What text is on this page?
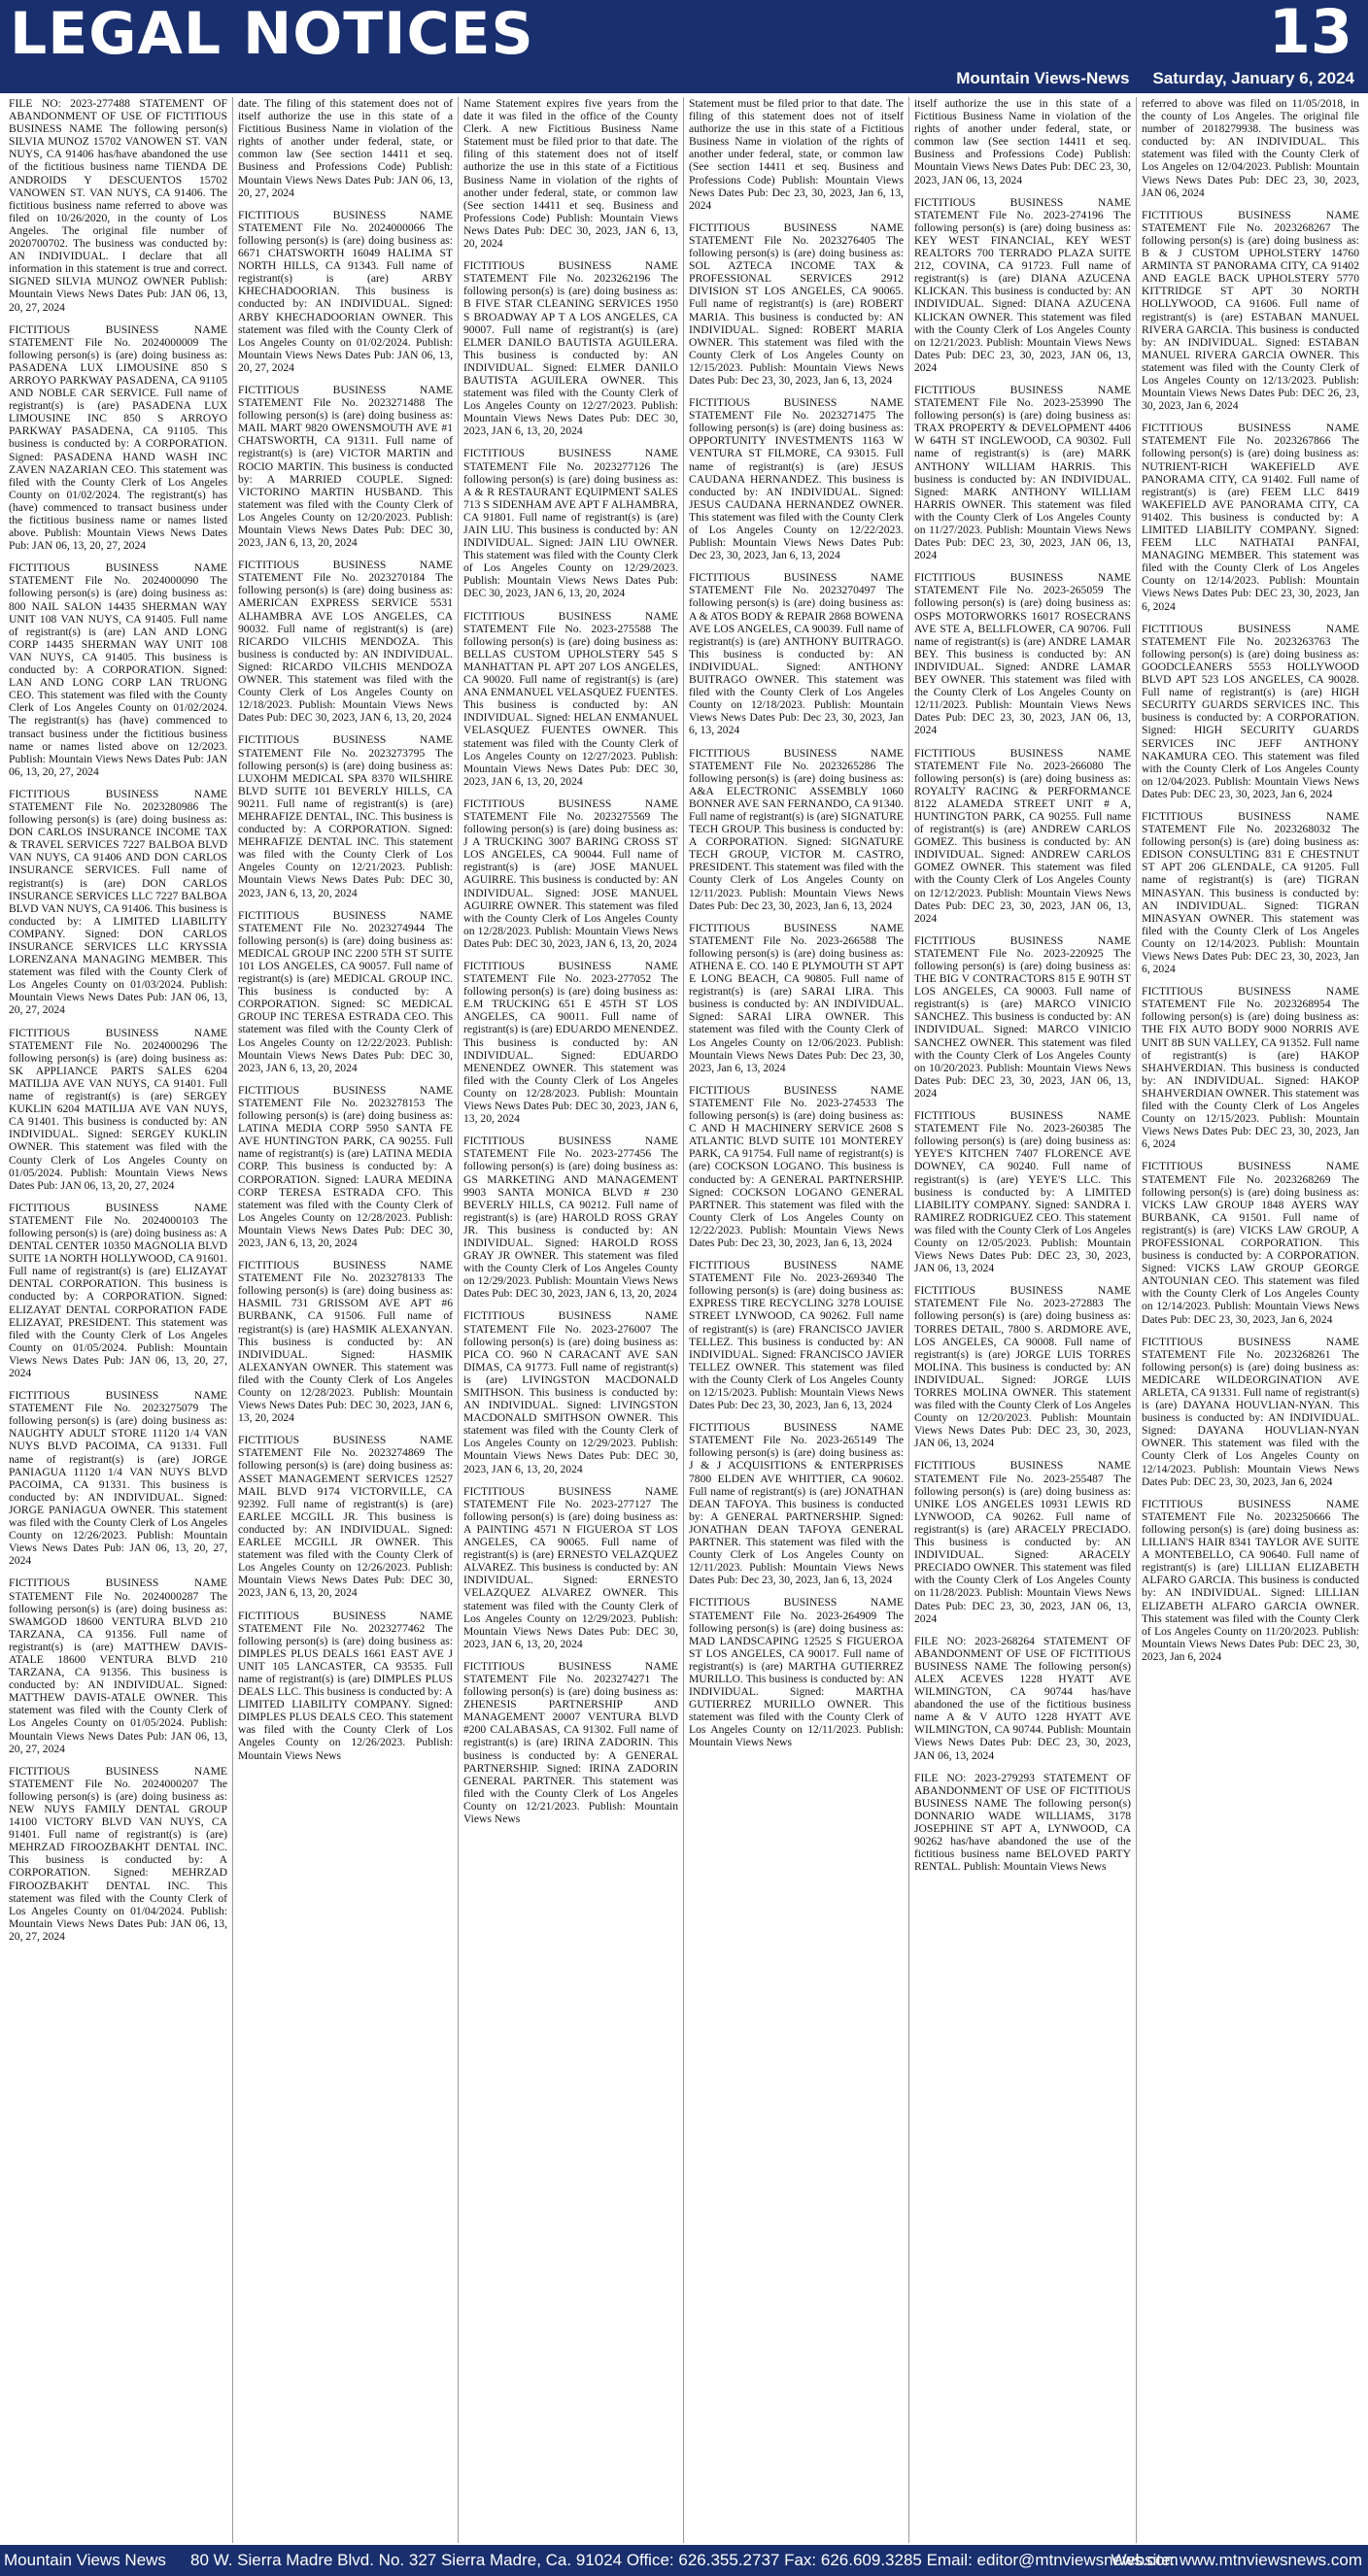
LEGAL NOTICES	13
Mountain Views-News Saturday, January 6, 2024

FILE NO: 2023-277488 STATEMENT OF ABANDONMENT OF USE OF FICTITIOUS BUSINESS NAME The following person(s) SILVIA MUNOZ 15702 VANOWEN ST. VAN NUYS, CA 91406 has/have abandoned the use of the fictitious business name TIENDA DE ANDROIDS Y DESCUENTOS 15702 VANOWEN ST. VAN NUYS, CA 91406. The fictitious business name referred to above was filed on 10/26/2020, in the county of Los Angeles. The original file number of 2020700702. The business was conducted by: AN INDIVIDUAL. I declare that all information in this statement is true and correct. SIGNED SILVIA MUNOZ OWNER Publish: Mountain Views News Dates Pub: JAN 06, 13, 20, 27, 2024

FICTITIOUS BUSINESS NAME STATEMENT File No. 2024000009 The following person(s) is (are) doing business as: PASADENA LUX LIMOUSINE 850 S ARROYO PARKWAY PASADENA, CA 91105 AND NOBLE CAR SERVICE. Full name of registrant(s) is (are) PASADENA LUX LIMOUSINE INC 850 S ARROYO PARKWAY PASADENA, CA 91105. This business is conducted by: A CORPORATION. Signed: PASADENA HAND WASH INC ZAVEN NAZARIAN CEO. This statement was filed with the County Clerk of Los Angeles County on 01/02/2024. The registrant(s) has (have) commenced to transact business under the fictitious business name or names listed above. Publish: Mountain Views News Dates Pub: JAN 06, 13, 20, 27, 2024

FICTITIOUS BUSINESS NAME STATEMENT File No. 2024000090 The following person(s) is (are) doing business as: 800 NAIL SALON 14435 SHERMAN WAY UNIT 108 VAN NUYS, CA 91405. Full name of registrant(s) is (are) LAN AND LONG CORP 14435 SHERMAN WAY UNIT 108 VAN NUYS, CA 91405. This business is conducted by: A CORPORATION. Signed: LAN AND LONG CORP LAN TRUONG CEO. This statement was filed with the County Clerk of Los Angeles County on 01/02/2024. The registrant(s) has (have) commenced to transact business under the fictitious business name or names listed above on 12/2023. Publish: Mountain Views News Dates Pub: JAN 06, 13, 20, 27, 2024

FICTITIOUS BUSINESS NAME STATEMENT File No. 2023280986 The following person(s) is (are) doing business as: DON CARLOS INSURANCE INCOME TAX & TRAVEL SERVICES 7227 BALBOA BLVD VAN NUYS, CA 91406 AND DON CARLOS INSURANCE SERVICES. Full name of registrant(s) is (are) DON CARLOS INSURANCE SERVICES LLC 7227 BALBOA BLVD VAN NUYS, CA 91406. This business is conducted by: A LIMITED LIABILITY COMPANY. Signed: DON CARLOS INSURANCE SERVICES LLC KRYSSIA LORENZANA MANAGING MEMBER. This statement was filed with the County Clerk of Los Angeles County on 01/03/2024. Publish: Mountain Views News Dates Pub: JAN 06, 13, 20, 27, 2024

FICTITIOUS BUSINESS NAME STATEMENT File No. 2024000296 The following person(s) is (are) doing business as: SK APPLIANCE PARTS SALES 6204 MATILIJA AVE VAN NUYS, CA 91401. Full name of registrant(s) is (are) SERGEY KUKLIN 6204 MATILIJA AVE VAN NUYS, CA 91401. This business is conducted by: AN INDIVIDUAL. Signed: SERGEY KUKLIN OWNER. This statement was filed with the County Clerk of Los Angeles County on 01/05/2024. Publish: Mountain Views News Dates Pub: JAN 06, 13, 20, 27, 2024

FICTITIOUS BUSINESS NAME STATEMENT File No. 2024000103 The following person(s) is (are) doing business as: A DENTAL CENTER 10350 MAGNOLIA BLVD SUITE 1A NORTH HOLLYWOOD, CA 91601. Full name of registrant(s) is (are) ELIZAYAT DENTAL CORPORATION. This business is conducted by: A CORPORATION. Signed: ELIZAYAT DENTAL CORPORATION FADE ELIZAYAT, PRESIDENT. This statement was filed with the County Clerk of Los Angeles County on 01/05/2024. Publish: Mountain Views News Dates Pub: JAN 06, 13, 20, 27, 2024

FICTITIOUS BUSINESS NAME STATEMENT File No. 2023275079 The following person(s) is (are) doing business as: NAUGHTY ADULT STORE 11120 1/4 VAN NUYS BLVD PACOIMA, CA 91331. Full name of registrant(s) is (are) JORGE PANIAGUA 11120 1/4 VAN NUYS BLVD PACOIMA, CA 91331. This business is conducted by: AN INDIVIDUAL. Signed: JORGE PANIAGUA OWNER. This statement was filed with the County Clerk of Los Angeles County on 12/26/2023. Publish: Mountain Views News Dates Pub: JAN 06, 13, 20, 27, 2024

FICTITIOUS BUSINESS NAME STATEMENT File No. 2024000287 The following person(s) is (are) doing business as: SWAMGOD 18600 VENTURA BLVD 210 TARZANA, CA 91356. Full name of registrant(s) is (are) MATTHEW DAVIS-ATALE 18600 VENTURA BLVD 210 TARZANA, CA 91356. This business is conducted by: AN INDIVIDUAL. Signed: MATTHEW DAVIS-ATALE OWNER. This statement was filed with the County Clerk of Los Angeles County on 01/05/2024. Publish: Mountain Views News Dates Pub: JAN 06, 13, 20, 27, 2024

FICTITIOUS BUSINESS NAME STATEMENT File No. 2024000207 The following person(s) is (are) doing business as: NEW NUYS FAMILY DENTAL GROUP 14100 VICTORY BLVD VAN NUYS, CA 91401. Full name of registrant(s) is (are) MEHRZAD FIROOZBAKHT DENTAL INC. This business is conducted by: A CORPORATION. Signed: MEHRZAD FIROOZBAKHT DENTAL INC. This statement was filed with the County Clerk of Los Angeles County on 01/04/2024. Publish: Mountain Views News Dates Pub: JAN 06, 13, 20, 27, 2024

date. The filing of this statement does not of itself authorize the use in this state of a Fictitious Business Name in violation of the rights of another under federal, state, or common law (See section 14411 et seq. Business and Professions Code) Publish: Mountain Views News Dates Pub: JAN 06, 13, 20, 27, 2024

FICTITIOUS BUSINESS NAME STATEMENT File No. 2024000066 The following person(s) is (are) doing business as: 6671 CHATSWORTH 16049 HALIMA ST NORTH HILLS, CA 91343. Full name of registrant(s) is (are) ARBY KHECHADOORIAN. This business is conducted by: AN INDIVIDUAL. Signed: ARBY KHECHADOORIAN OWNER. This statement was filed with the County Clerk of Los Angeles County on 01/02/2024. Publish: Mountain Views News Dates Pub: JAN 06, 13, 20, 27, 2024

FICTITIOUS BUSINESS NAME STATEMENT File No. 2023271488 The following person(s) is (are) doing business as: MAIL MART 9820 OWENSMOUTH AVE #1 CHATSWORTH, CA 91311. Full name of registrant(s) is (are) VICTOR MARTIN and ROCIO MARTIN. This business is conducted by: A MARRIED COUPLE. Signed: VICTORINO MARTIN HUSBAND. This statement was filed with the County Clerk of Los Angeles County on 12/20/2023. Publish: Mountain Views News Dates Pub: DEC 30, 2023, JAN 6, 13, 20, 2024

FICTITIOUS BUSINESS NAME STATEMENT File No. 2023270184 The following person(s) is (are) doing business as: AMERICAN EXPRESS SERVICE 5531 ALHAMBRA AVE LOS ANGELES, CA 90032. Full name of registrant(s) is (are) RICARDO VILCHIS MENDOZA. This business is conducted by: AN INDIVIDUAL. Signed: RICARDO VILCHIS MENDOZA OWNER. This statement was filed with the County Clerk of Los Angeles County on 12/18/2023. Publish: Mountain Views News Dates Pub: DEC 30, 2023, JAN 6, 13, 20, 2024

FICTITIOUS BUSINESS NAME STATEMENT File No. 2023273795 The following person(s) is (are) doing business as: LUXOHM MEDICAL SPA 8370 WILSHIRE BLVD SUITE 101 BEVERLY HILLS, CA 90211. Full name of registrant(s) is (are) MEHRAFIZE DENTAL, INC. This business is conducted by: A CORPORATION. Signed: MEHRAFIZE DENTAL INC. This statement was filed with the County Clerk of Los Angeles County on 12/21/2023. Publish: Mountain Views News Dates Pub: DEC 30, 2023, JAN 6, 13, 20, 2024

FICTITIOUS BUSINESS NAME STATEMENT File No. 2023274944 The following person(s) is (are) doing business as: MEDICAL GROUP INC 2200 5TH ST SUITE 101 LOS ANGELES, CA 90057. Full name of registrant(s) is (are) MEDICAL GROUP INC. This business is conducted by: A CORPORATION. Signed: SC MEDICAL GROUP INC TERESA ESTRADA CEO. This statement was filed with the County Clerk of Los Angeles County on 12/22/2023. Publish: Mountain Views News Dates Pub: DEC 30, 2023, JAN 6, 13, 20, 2024

FICTITIOUS BUSINESS NAME STATEMENT File No. 2023278153 The following person(s) is (are) doing business as: LATINA MEDIA CORP 5950 SANTA FE AVE HUNTINGTON PARK, CA 90255. Full name of registrant(s) is (are) LATINA MEDIA CORP. This business is conducted by: A CORPORATION. Signed: LAURA MEDINA CORP TERESA ESTRADA CFO. This statement was filed with the County Clerk of Los Angeles County on 12/28/2023. Publish: Mountain Views News Dates Pub: DEC 30, 2023, JAN 6, 13, 20, 2024

FICTITIOUS BUSINESS NAME STATEMENT File No. 2023278133 The following person(s) is (are) doing business as: HASMIL 731 GRISSOM AVE APT #6 BURBANK, CA 91506. Full name of registrant(s) is (are) HASMIK ALEXANYAN. This business is conducted by: AN INDIVIDUAL. Signed: HASMIK ALEXANYAN OWNER. This statement was filed with the County Clerk of Los Angeles County on 12/28/2023. Publish: Mountain Views News Dates Pub: DEC 30, 2023, JAN 6, 13, 20, 2024

FICTITIOUS BUSINESS NAME STATEMENT File No. 2023274869 The following person(s) is (are) doing business as: ASSET MANAGEMENT SERVICES 12527 MAIL BLVD 9174 VICTORVILLE, CA 92392. Full name of registrant(s) is (are) EARLEE MCGILL JR. This business is conducted by: AN INDIVIDUAL. Signed: EARLEE MCGILL JR OWNER. This statement was filed with the County Clerk of Los Angeles County on 12/26/2023. Publish: Mountain Views News Dates Pub: DEC 30, 2023, JAN 6, 13, 20, 2024

FICTITIOUS BUSINESS NAME STATEMENT File No. 2023277462 The following person(s) is (are) doing business as: DIMPLES PLUS DEALS 1661 EAST AVE J UNIT 105 LANCASTER, CA 93535. Full name of registrant(s) is (are) DIMPLES PLUS DEALS LLC. This business is conducted by: A LIMITED LIABILITY COMPANY. Signed: DIMPLES PLUS DEALS CEO. This statement was filed with the County Clerk of Los Angeles County on 12/26/2023. Publish: Mountain Views News

Name Statement expires five years from the date it was filed in the office of the County Clerk. A new Fictitious Business Name Statement must be filed prior to that date. The filing of this statement does not of itself authorize the use in this state of a Fictitious Business Name in violation of the rights of another under federal, state, or common law (See section 14411 et seq. Business and Professions Code) Publish: Mountain Views News Dates Pub: DEC 30, 2023, JAN 6, 13, 20, 2024

FICTITIOUS BUSINESS NAME STATEMENT File No. 2023262196 The following person(s) is (are) doing business as: B FIVE STAR CLEANING SERVICES 1950 S BROADWAY AP T A LOS ANGELES, CA 90007. Full name of registrant(s) is (are) ELMER DANILO BAUTISTA AGUILERA. This business is conducted by: AN INDIVIDUAL. Signed: ELMER DANILO BAUTISTA AGUILERA OWNER. This statement was filed with the County Clerk of Los Angeles County on 12/27/2023. Publish: Mountain Views News Dates Pub: DEC 30, 2023, JAN 6, 13, 20, 2024

FICTITIOUS BUSINESS NAME STATEMENT File No. 2023277126 The following person(s) is (are) doing business as: A & R RESTAURANT EQUIPMENT SALES 713 S SIDENHAM AVE APT F ALHAMBRA, CA 91801. Full name of registrant(s) is (are) JAIN LIU. This business is conducted by: AN INDIVIDUAL. Signed: JAIN LIU OWNER. This statement was filed with the County Clerk of Los Angeles County on 12/29/2023. Publish: Mountain Views News Dates Pub: DEC 30, 2023, JAN 6, 13, 20, 2024

FICTITIOUS BUSINESS NAME STATEMENT File No. 2023-275588 The following person(s) is (are) doing business as: BELLAS CUSTOM UPHOLSTERY 545 S MANHATTAN PL APT 207 LOS ANGELES, CA 90020. Full name of registrant(s) is (are) ANA ENMANUEL VELASQUEZ FUENTES. This business is conducted by: AN INDIVIDUAL. Signed: HELAN ENMANUEL VELASQUEZ FUENTES OWNER. This statement was filed with the County Clerk of Los Angeles County on 12/27/2023. Publish: Mountain Views News Dates Pub: DEC 30, 2023, JAN 6, 13, 20, 2024

FICTITIOUS BUSINESS NAME STATEMENT File No. 2023275569 The following person(s) is (are) doing business as: J A TRUCKING 3007 BARING CROSS ST LOS ANGELES, CA 90044. Full name of registrant(s) is (are) JOSE MANUEL AGUIRRE. This business is conducted by: AN INDIVIDUAL. Signed: JOSE MANUEL AGUIRRE OWNER. This statement was filed with the County Clerk of Los Angeles County on 12/28/2023. Publish: Mountain Views News Dates Pub: DEC 30, 2023, JAN 6, 13, 20, 2024

FICTITIOUS BUSINESS NAME STATEMENT File No. 2023-277052 The following person(s) is (are) doing business as: E.M TRUCKING 651 E 45TH ST LOS ANGELES, CA 90011. Full name of registrant(s) is (are) EDUARDO MENENDEZ. This business is conducted by: AN INDIVIDUAL. Signed: EDUARDO MENENDEZ OWNER. This statement was filed with the County Clerk of Los Angeles County on 12/28/2023. Publish: Mountain Views News Dates Pub: DEC 30, 2023, JAN 6, 13, 20, 2024

FICTITIOUS BUSINESS NAME STATEMENT File No. 2023-277456 The following person(s) is (are) doing business as: GS MARKETING AND MANAGEMENT 9903 SANTA MONICA BLVD # 230 BEVERLY HILLS, CA 90212. Full name of registrant(s) is (are) HAROLD ROSS GRAY JR. This business is conducted by: AN INDIVIDUAL. Signed: HAROLD ROSS GRAY JR OWNER. This statement was filed with the County Clerk of Los Angeles County on 12/29/2023. Publish: Mountain Views News Dates Pub: DEC 30, 2023, JAN 6, 13, 20, 2024

FICTITIOUS BUSINESS NAME STATEMENT File No. 2023-276007 The following person(s) is (are) doing business as: PICA CO. 960 N CARACANT AVE SAN DIMAS, CA 91773. Full name of registrant(s) is (are) LIVINGSTON MACDONALD SMITHSON. This business is conducted by: AN INDIVIDUAL. Signed: LIVINGSTON MACDONALD SMITHSON OWNER. This statement was filed with the County Clerk of Los Angeles County on 12/29/2023. Publish: Mountain Views News Dates Pub: DEC 30, 2023, JAN 6, 13, 20, 2024

FICTITIOUS BUSINESS NAME STATEMENT File No. 2023-277127 The following person(s) is (are) doing business as: A PAINTING 4571 N FIGUEROA ST LOS ANGELES, CA 90065. Full name of registrant(s) is (are) ERNESTO VELAZQUEZ ALVAREZ. This business is conducted by: AN INDIVIDUAL. Signed: ERNESTO VELAZQUEZ ALVAREZ OWNER. This statement was filed with the County Clerk of Los Angeles County on 12/29/2023. Publish: Mountain Views News Dates Pub: DEC 30, 2023, JAN 6, 13, 20, 2024

FICTITIOUS BUSINESS NAME STATEMENT File No. 2023274271 The following person(s) is (are) doing business as: ZHENESIS PARTNERSHIP AND MANAGEMENT 20007 VENTURA BLVD #200 CALABASAS, CA 91302. Full name of registrant(s) is (are) IRINA ZADORIN. This business is conducted by: A GENERAL PARTNERSHIP. Signed: IRINA ZADORIN GENERAL PARTNER. This statement was filed with the County Clerk of Los Angeles County on 12/21/2023. Publish: Mountain Views News

Statement must be filed prior to that date. The filing of this statement does not of itself authorize the use in this state of a Fictitious Business Name in violation of the rights of another under federal, state, or common law (See section 14411 et seq. Business and Professions Code) Publish: Mountain Views News Dates Pub: Dec 23, 30, 2023, Jan 6, 13, 2024

FICTITIOUS BUSINESS NAME STATEMENT File No. 2023276405 The following person(s) is (are) doing business as: SOL AZTECA INCOME TAX & PROFESSIONAL SERVICES 2912 DIVISION ST LOS ANGELES, CA 90065. Full name of registrant(s) is (are) ROBERT MARIA. This business is conducted by: AN INDIVIDUAL. Signed: ROBERT MARIA OWNER. This statement was filed with the County Clerk of Los Angeles County on 12/15/2023. Publish: Mountain Views News Dates Pub: Dec 23, 30, 2023, Jan 6, 13, 2024

FICTITIOUS BUSINESS NAME STATEMENT File No. 2023271475 The following person(s) is (are) doing business as: OPPORTUNITY INVESTMENTS 1163 W VENTURA ST FILMORE, CA 93015. Full name of registrant(s) is (are) JESUS CAUDANA HERNANDEZ. This business is conducted by: AN INDIVIDUAL. Signed: JESUS CAUDANA HERNANDEZ OWNER. This statement was filed with the County Clerk of Los Angeles County on 12/22/2023. Publish: Mountain Views News Dates Pub: Dec 23, 30, 2023, Jan 6, 13, 2024

FICTITIOUS BUSINESS NAME STATEMENT File No. 2023270497 The following person(s) is (are) doing business as: A & ATOS BODY & REPAIR 2868 BOWENA AVE LOS ANGELES, CA 90039. Full name of registrant(s) is (are) ANTHONY BUITRAGO. This business is conducted by: AN INDIVIDUAL. Signed: ANTHONY BUITRAGO OWNER. This statement was filed with the County Clerk of Los Angeles County on 12/18/2023. Publish: Mountain Views News Dates Pub: Dec 23, 30, 2023, Jan 6, 13, 2024

FICTITIOUS BUSINESS NAME STATEMENT File No. 2023265286 The following person(s) is (are) doing business as: A&A ELECTRONIC ASSEMBLY 1060 BONNER AVE SAN FERNANDO, CA 91340. Full name of registrant(s) is (are) SIGNATURE TECH GROUP. This business is conducted by: A CORPORATION. Signed: SIGNATURE TECH GROUP, VICTOR M. CASTRO, PRESIDENT. This statement was filed with the County Clerk of Los Angeles County on 12/11/2023. Publish: Mountain Views News Dates Pub: Dec 23, 30, 2023, Jan 6, 13, 2024

FICTITIOUS BUSINESS NAME STATEMENT File No. 2023-266588 The following person(s) is (are) doing business as: ATHENA E. CO. 140 E PLYMOUTH ST APT E LONG BEACH, CA 90805. Full name of registrant(s) is (are) SARAI LIRA. This business is conducted by: AN INDIVIDUAL. Signed: SARAI LIRA OWNER. This statement was filed with the County Clerk of Los Angeles County on 12/06/2023. Publish: Mountain Views News Dates Pub: Dec 23, 30, 2023, Jan 6, 13, 2024

FICTITIOUS BUSINESS NAME STATEMENT File No. 2023-274533 The following person(s) is (are) doing business as: C AND H MACHINERY SERVICE 2608 S ATLANTIC BLVD SUITE 101 MONTEREY PARK, CA 91754. Full name of registrant(s) is (are) COCKSON LOGANO. This business is conducted by: A GENERAL PARTNERSHIP. Signed: COCKSON LOGANO GENERAL PARTNER. This statement was filed with the County Clerk of Los Angeles County on 12/22/2023. Publish: Mountain Views News Dates Pub: Dec 23, 30, 2023, Jan 6, 13, 2024

FICTITIOUS BUSINESS NAME STATEMENT File No. 2023-269340 The following person(s) is (are) doing business as: EXPRESS TIRE RECYCLING 3278 LOUISE STREET LYNWOOD, CA 90262. Full name of registrant(s) is (are) FRANCISCO JAVIER TELLEZ. This business is conducted by: AN INDIVIDUAL. Signed: FRANCISCO JAVIER TELLEZ OWNER. This statement was filed with the County Clerk of Los Angeles County on 12/15/2023. Publish: Mountain Views News Dates Pub: Dec 23, 30, 2023, Jan 6, 13, 2024

FICTITIOUS BUSINESS NAME STATEMENT File No. 2023-265149 The following person(s) is (are) doing business as: J & J ACQUISITIONS & ENTERPRISES 7800 ELDEN AVE WHITTIER, CA 90602. Full name of registrant(s) is (are) JONATHAN DEAN TAFOYA. This business is conducted by: A GENERAL PARTNERSHIP. Signed: JONATHAN DEAN TAFOYA GENERAL PARTNER. This statement was filed with the County Clerk of Los Angeles County on 12/11/2023. Publish: Mountain Views News Dates Pub: Dec 23, 30, 2023, Jan 6, 13, 2024

FICTITIOUS BUSINESS NAME STATEMENT File No. 2023-264909 The following person(s) is (are) doing business as: MAD LANDSCAPING 12525 S FIGUEROA ST LOS ANGELES, CA 90017. Full name of registrant(s) is (are) MARTHA GUTIERREZ MURILLO. This business is conducted by: AN INDIVIDUAL. Signed: MARTHA GUTIERREZ MURILLO OWNER. This statement was filed with the County Clerk of Los Angeles County on 12/11/2023. Publish: Mountain Views News

itself authorize the use in this state of a Fictitious Business Name in violation of the rights of another under federal, state, or common law (See section 14411 et seq. Business and Professions Code) Publish: Mountain Views News Dates Pub: DEC 23, 30, 2023, JAN 06, 13, 2024

FICTITIOUS BUSINESS NAME STATEMENT File No. 2023-274196 The following person(s) is (are) doing business as: KEY WEST FINANCIAL, KEY WEST REALTORS 700 TERRADO PLAZA SUITE 212, COVINA, CA 91723. Full name of registrant(s) is (are) DIANA AZUCENA KLICKAN. This business is conducted by: AN INDIVIDUAL. Signed: DIANA AZUCENA KLICKAN OWNER. This statement was filed with the County Clerk of Los Angeles County on 12/21/2023. Publish: Mountain Views News Dates Pub: DEC 23, 30, 2023, JAN 06, 13, 2024

FICTITIOUS BUSINESS NAME STATEMENT File No. 2023-253990 The following person(s) is (are) doing business as: TRAX PROPERTY & DEVELOPMENT 4406 W 64TH ST INGLEWOOD, CA 90302. Full name of registrant(s) is (are) MARK ANTHONY WILLIAM HARRIS. This business is conducted by: AN INDIVIDUAL. Signed: MARK ANTHONY WILLIAM HARRIS OWNER. This statement was filed with the County Clerk of Los Angeles County on 11/27/2023. Publish: Mountain Views News Dates Pub: DEC 23, 30, 2023, JAN 06, 13, 2024

FICTITIOUS BUSINESS NAME STATEMENT File No. 2023-265059 The following person(s) is (are) doing business as: OSPS MOTORWORKS 16017 ROSECRANS AVE STE A, BELLFLOWER, CA 90706. Full name of registrant(s) is (are) ANDRE LAMAR BEY. This business is conducted by: AN INDIVIDUAL. Signed: ANDRE LAMAR BEY OWNER. This statement was filed with the County Clerk of Los Angeles County on 12/11/2023. Publish: Mountain Views News Dates Pub: DEC 23, 30, 2023, JAN 06, 13, 2024

FICTITIOUS BUSINESS NAME STATEMENT File No. 2023-266080 The following person(s) is (are) doing business as: ROYALTY RACING & PERFORMANCE 8122 ALAMEDA STREET UNIT # A, HUNTINGTON PARK, CA 90255. Full name of registrant(s) is (are) ANDREW CARLOS GOMEZ. This business is conducted by: AN INDIVIDUAL. Signed: ANDREW CARLOS GOMEZ OWNER. This statement was filed with the County Clerk of Los Angeles County on 12/12/2023. Publish: Mountain Views News Dates Pub: DEC 23, 30, 2023, JAN 06, 13, 2024

FICTITIOUS BUSINESS NAME STATEMENT File No. 2023-220925 The following person(s) is (are) doing business as: THE BIG V CONTRACTORS 815 E 90TH ST LOS ANGELES, CA 90003. Full name of registrant(s) is (are) MARCO VINICIO SANCHEZ. This business is conducted by: AN INDIVIDUAL. Signed: MARCO VINICIO SANCHEZ OWNER. This statement was filed with the County Clerk of Los Angeles County on 10/20/2023. Publish: Mountain Views News Dates Pub: DEC 23, 30, 2023, JAN 06, 13, 2024

FICTITIOUS BUSINESS NAME STATEMENT File No. 2023-260385 The following person(s) is (are) doing business as: YEYE'S KITCHEN 7407 FLORENCE AVE DOWNEY, CA 90240. Full name of registrant(s) is (are) YEYE'S LLC. This business is conducted by: A LIMITED LIABILITY COMPANY. Signed: SANDRA I. RAMIREZ RODRIGUEZ CEO. This statement was filed with the County Clerk of Los Angeles County on 12/05/2023. Publish: Mountain Views News Dates Pub: DEC 23, 30, 2023, JAN 06, 13, 2024

FICTITIOUS BUSINESS NAME STATEMENT File No. 2023-272883 The following person(s) is (are) doing business as: TORRES DETAIL, 7800 S. ARDMORE AVE, LOS ANGELES, CA 90008. Full name of registrant(s) is (are) JORGE LUIS TORRES MOLINA. This business is conducted by: AN INDIVIDUAL. Signed: JORGE LUIS TORRES MOLINA OWNER. This statement was filed with the County Clerk of Los Angeles County on 12/20/2023. Publish: Mountain Views News Dates Pub: DEC 23, 30, 2023, JAN 06, 13, 2024

FICTITIOUS BUSINESS NAME STATEMENT File No. 2023-255487 The following person(s) is (are) doing business as: UNIKE LOS ANGELES 10931 LEWIS RD LYNWOOD, CA 90262. Full name of registrant(s) is (are) ARACELY PRECIADO. This business is conducted by: AN INDIVIDUAL. Signed: ARACELY PRECIADO OWNER. This statement was filed with the County Clerk of Los Angeles County on 11/28/2023. Publish: Mountain Views News Dates Pub: DEC 23, 30, 2023, JAN 06, 13, 2024

FILE NO: 2023-268264 STATEMENT OF ABANDONMENT OF USE OF FICTITIOUS BUSINESS NAME The following person(s) ALEX ACEVES 1228 HYATT AVE WILMINGTON, CA 90744 has/have abandoned the use of the fictitious business name A & V AUTO 1228 HYATT AVE WILMINGTON, CA 90744. Publish: Mountain Views News Dates Pub: DEC 23, 30, 2023, JAN 06, 13, 2024

FILE NO: 2023-279293 STATEMENT OF ABANDONMENT OF USE OF FICTITIOUS BUSINESS NAME The following person(s) DONNARIO WADE WILLIAMS, 3178 JOSEPHINE ST APT A, LYNWOOD, CA 90262 has/have abandoned the use of the fictitious business name BELOVED PARTY RENTAL. Publish: Mountain Views News

referred to above was filed on 11/05/2018, in the county of Los Angeles. The original file number of 2018279938. The business was conducted by: AN INDIVIDUAL. This statement was filed with the County Clerk of Los Angeles on 12/04/2023. Publish: Mountain Views News Dates Pub: DEC 23, 30, 2023, JAN 06, 2024

FICTITIOUS BUSINESS NAME STATEMENT File No. 2023268267 The following person(s) is (are) doing business as: B & J CUSTOM UPHOLSTERY 14760 ARMINTA ST PANORAMA CITY, CA 91402 AND EAGLE BACK UPHOLSTERY 5770 KITTRIDGE ST APT 30 NORTH HOLLYWOOD, CA 91606. Full name of registrant(s) is (are) ESTABAN MANUEL RIVERA GARCIA. This business is conducted by: AN INDIVIDUAL. Signed: ESTABAN MANUEL RIVERA GARCIA OWNER. This statement was filed with the County Clerk of Los Angeles County on 12/13/2023. Publish: Mountain Views News Dates Pub: DEC 26, 23, 30, 2023, Jan 6, 2024

FICTITIOUS BUSINESS NAME STATEMENT File No. 2023267866 The following person(s) is (are) doing business as: NUTRIENT-RICH WAKEFIELD AVE PANORAMA CITY, CA 91402. Full name of registrant(s) is (are) FEEM LLC 8419 WAKEFIELD AVE PANORAMA CITY, CA 91402. This business is conducted by: A LIMITED LIABILITY COMPANY. Signed: FEEM LLC NATHATAI PANFAI, MANAGING MEMBER. This statement was filed with the County Clerk of Los Angeles County on 12/14/2023. Publish: Mountain Views News Dates Pub: DEC 23, 30, 2023, Jan 6, 2024

FICTITIOUS BUSINESS NAME STATEMENT File No. 2023263763 The following person(s) is (are) doing business as: GOODCLEANERS 5553 HOLLYWOOD BLVD APT 523 LOS ANGELES, CA 90028. Full name of registrant(s) is (are) HIGH SECURITY GUARDS SERVICES INC. This business is conducted by: A CORPORATION. Signed: HIGH SECURITY GUARDS SERVICES INC JEFF ANTHONY NAKAMURA CEO. This statement was filed with the County Clerk of Los Angeles County on 12/04/2023. Publish: Mountain Views News Dates Pub: DEC 23, 30, 2023, Jan 6, 2024

FICTITIOUS BUSINESS NAME STATEMENT File No. 2023268032 The following person(s) is (are) doing business as: EDISON CONSULTING 831 E CHESTNUT ST APT 206 GLENDALE, CA 91205. Full name of registrant(s) is (are) TIGRAN MINASYAN. This business is conducted by: AN INDIVIDUAL. Signed: TIGRAN MINASYAN OWNER. This statement was filed with the County Clerk of Los Angeles County on 12/14/2023. Publish: Mountain Views News Dates Pub: DEC 23, 30, 2023, Jan 6, 2024

FICTITIOUS BUSINESS NAME STATEMENT File No. 2023268954 The following person(s) is (are) doing business as: THE FIX AUTO BODY 9000 NORRIS AVE UNIT 8B SUN VALLEY, CA 91352. Full name of registrant(s) is (are) HAKOP SHAHVERDIAN. This business is conducted by: AN INDIVIDUAL. Signed: HAKOP SHAHVERDIAN OWNER. This statement was filed with the County Clerk of Los Angeles County on 12/15/2023. Publish: Mountain Views News Dates Pub: DEC 23, 30, 2023, Jan 6, 2024

FICTITIOUS BUSINESS NAME STATEMENT File No. 2023268269 The following person(s) is (are) doing business as: VICKS LAW GROUP 1848 AYERS WAY BURBANK, CA 91501. Full name of registrant(s) is (are) VICKS LAW GROUP, A PROFESSIONAL CORPORATION. This business is conducted by: A CORPORATION. Signed: VICKS LAW GROUP GEORGE ANTOUNIAN CEO. This statement was filed with the County Clerk of Los Angeles County on 12/14/2023. Publish: Mountain Views News Dates Pub: DEC 23, 30, 2023, Jan 6, 2024

FICTITIOUS BUSINESS NAME STATEMENT File No. 2023268261 The following person(s) is (are) doing business as: MEDICARE WILDEORGINATION AVE ARLETA, CA 91331. Full name of registrant(s) is (are) DAYANA HOUVLIAN-NYAN. This business is conducted by: AN INDIVIDUAL. Signed: DAYANA HOUVLIAN-NYAN OWNER. This statement was filed with the County Clerk of Los Angeles County on 12/14/2023. Publish: Mountain Views News Dates Pub: DEC 23, 30, 2023, Jan 6, 2024

FICTITIOUS BUSINESS NAME STATEMENT File No. 2023250666 The following person(s) is (are) doing business as: LILLIAN'S HAIR 8341 TAYLOR AVE SUITE A MONTEBELLO, CA 90640. Full name of registrant(s) is (are) LILLIAN ELIZABETH ALFARO GARCIA. This business is conducted by: AN INDIVIDUAL. Signed: LILLIAN ELIZABETH ALFARO GARCIA OWNER. This statement was filed with the County Clerk of Los Angeles County on 11/20/2023. Publish: Mountain Views News Dates Pub: DEC 23, 30, 2023, Jan 6, 2024

Mountain Views News 80 W. Sierra Madre Blvd. No. 327 Sierra Madre, Ca. 91024 Office: 626.355.2737 Fax: 626.609.3285 Email: editor@mtnviewsnews.com
Website: www.mtnviewsnews.com
